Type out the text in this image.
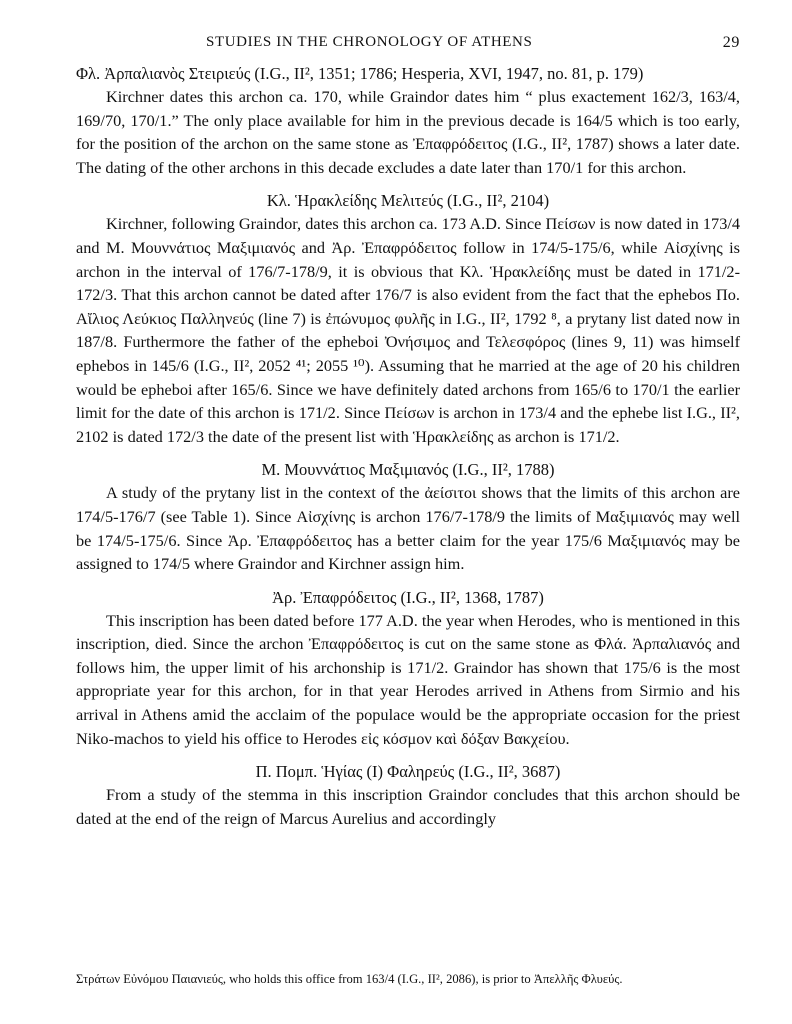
STUDIES IN THE CHRONOLOGY OF ATHENS	29
Φλ. Ἀρπαλιανὸς Στειριεύς (I.G., II², 1351; 1786; Hesperia, XVI, 1947, no. 81, p. 179)

Kirchner dates this archon ca. 170, while Graindor dates him “ plus exactement 162/3, 163/4, 169/70, 170/1.” The only place available for him in the previous decade is 164/5 which is too early, for the position of the archon on the same stone as Ἐπαφρόδειτος (I.G., II², 1787) shows a later date. The dating of the other archons in this decade excludes a date later than 170/1 for this archon.

Κλ. Ἡρακλείδης Μελιτεύς (I.G., II², 2104)

Kirchner, following Graindor, dates this archon ca. 173 A.D. Since Πείσων is now dated in 173/4 and M. Μουννάτιος Μαξιμιανός and Ἀρ. Ἐπαφρόδειτος follow in 174/5-175/6, while Αἰσχίνης is archon in the interval of 176/7-178/9, it is obvious that Κλ. Ἡρακλείδης must be dated in 171/2-172/3. That this archon cannot be dated after 176/7 is also evident from the fact that the ephebos Πο. Αἴλιος Λεύκιος Παλληνεύς (line 7) is ἐπώνυμος φυλῆς in I.G., II², 1792 ⁸, a prytany list dated now in 187/8. Furthermore the father of the epheboi Ὀνήσιμος and Τελεσφόρος (lines 9, 11) was himself ephebos in 145/6 (I.G., II², 2052 ⁴¹; 2055 ¹⁰). Assuming that he married at the age of 20 his children would be epheboi after 165/6. Since we have definitely dated archons from 165/6 to 170/1 the earlier limit for the date of this archon is 171/2. Since Πείσων is archon in 173/4 and the ephebe list I.G., II², 2102 is dated 172/3 the date of the present list with Ἡρακλείδης as archon is 171/2.

M. Μουννάτιος Μαξιμιανός (I.G., II², 1788)

A study of the prytany list in the context of the ἀείσιτοι shows that the limits of this archon are 174/5-176/7 (see Table 1). Since Αἰσχίνης is archon 176/7-178/9 the limits of Μαξιμιανός may well be 174/5-175/6. Since Ἀρ. Ἐπαφρόδειτος has a better claim for the year 175/6 Μαξιμιανός may be assigned to 174/5 where Graindor and Kirchner assign him.

Ἀρ. Ἐπαφρόδειτος (I.G., II², 1368, 1787)

This inscription has been dated before 177 A.D. the year when Herodes, who is mentioned in this inscription, died. Since the archon Ἐπαφρόδειτος is cut on the same stone as Φλά. Ἀρπαλιανός and follows him, the upper limit of his archonship is 171/2. Graindor has shown that 175/6 is the most appropriate year for this archon, for in that year Herodes arrived in Athens from Sirmio and his arrival in Athens amid the acclaim of the populace would be the appropriate occasion for the priest Niko-machos to yield his office to Herodes εἰς κόσμον καὶ δόξαν Βακχείου.

Π. Πομπ. Ἡγίας (I) Φαληρεύς (I.G., II², 3687)

From a study of the stemma in this inscription Graindor concludes that this archon should be dated at the end of the reign of Marcus Aurelius and accordingly

Στράτων Εὐνόμου Παιανιεύς, who holds this office from 163/4 (I.G., II², 2086), is prior to Ἀπελλῆς Φλυεύς.
